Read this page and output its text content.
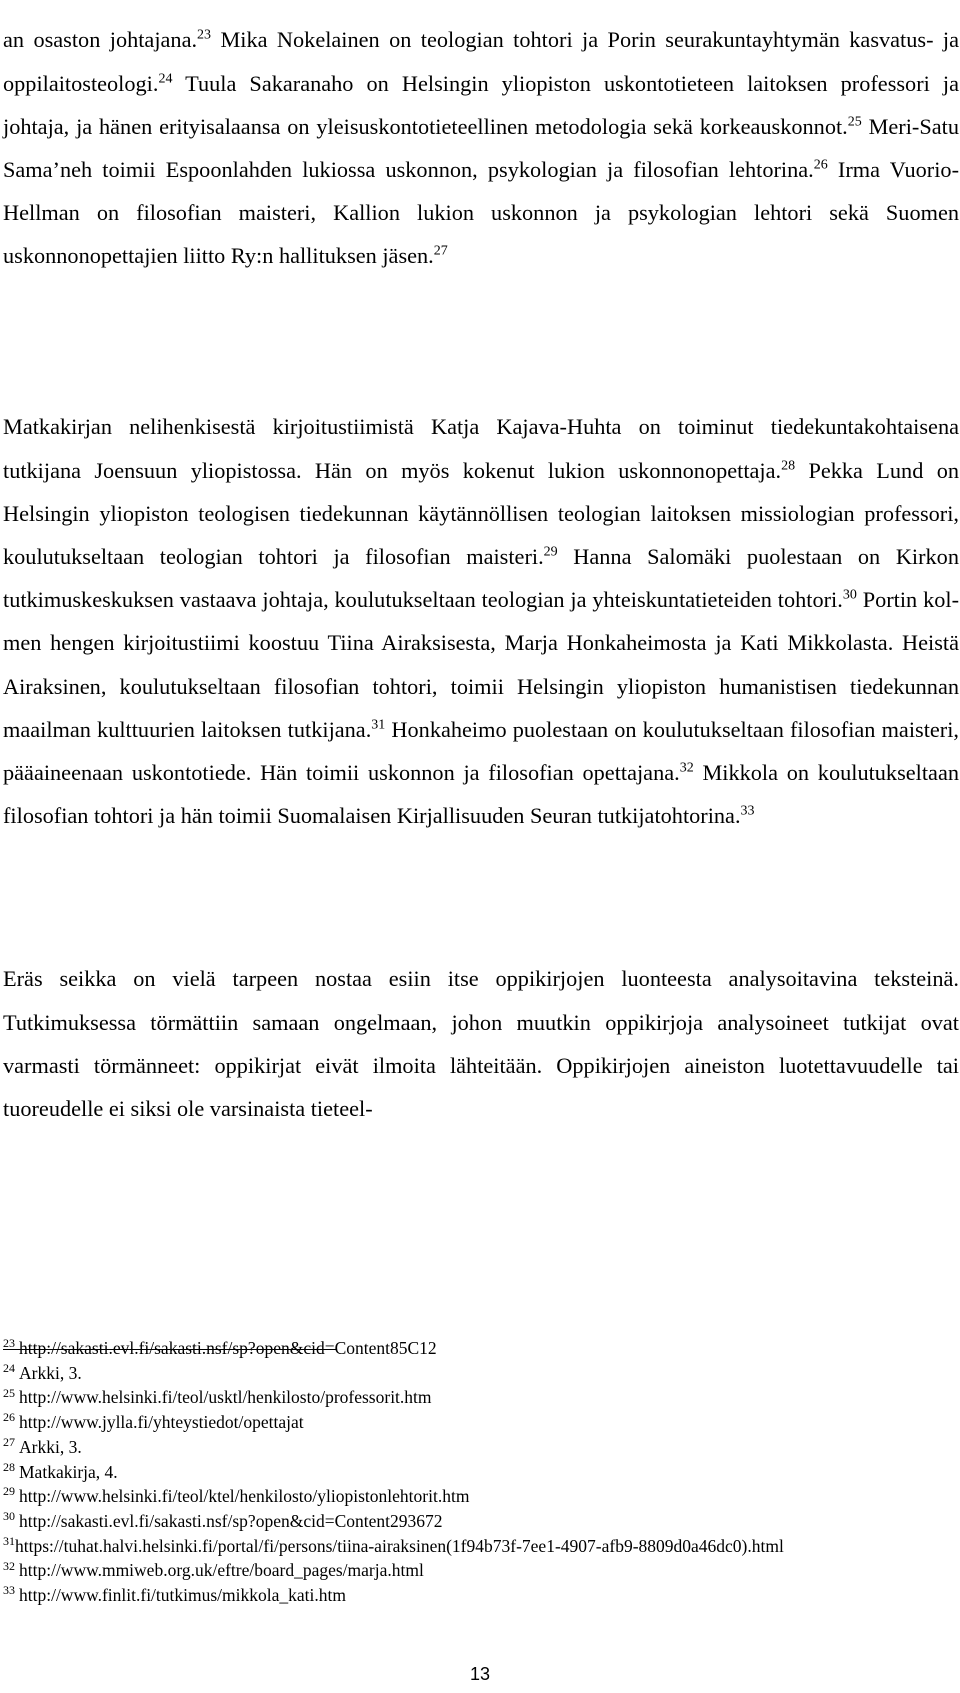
an osaston johtajana.$^{23}$ Mika Nokelainen on teologian tohtori ja Porin seurakuntayhtymän kasvatus- ja oppilaitosteologi.$^{24}$ Tuula Sakaranaho on Helsingin yliopiston uskontotieteen laitoksen professori ja johtaja, ja hänen erityisalaansa on yleisuskontotieteellinen metodologia sekä korkeauskonnot.$^{25}$ Meri-Satu Sama’neh toimii Espoonlahden lukiossa uskonnon, psykologian ja filosofian lehtorina.$^{26}$ Irma Vuorio-Hellman on filosofian maisteri, Kallion lukion uskonnon ja psykologian lehtori sekä Suomen uskonnonopettajien liitto Ry:n hallituksen jäsen.$^{27}$

Matkakirjan nelihenkisestä kirjoitustiimistä Katja Kajava-Huhta on toiminut tiedekuntakohtaisena tutkijana Joensuun yliopistossa. Hän on myös kokenut lukion uskonnonopettaja.$^{28}$ Pekka Lund on Helsingin yliopiston teologisen tiedekunnan käytännöllisen teologian laitoksen missiologian professori, koulutukseltaan teologian tohtori ja filosofian maisteri.$^{29}$ Hanna Salomäki puolestaan on Kirkon tutkimuskeskuksen vastaava johtaja, koulutukseltaan teologian ja yhteiskuntatieteiden tohtori.$^{30}$ Portin kolmen hengen kirjoitustiimi koostuu Tiina Airaksisesta, Marja Honkaheimosta ja Kati Mikkolasta. Heistä Airaksinen, koulutukseltaan filosofian tohtori, toimii Helsingin yliopiston humanistisen tiedekunnan maailman kulttuurien laitoksen tutkijana.$^{31}$ Honkaheimo puolestaan on koulutukseltaan filosofian maisteri, pääaineenaan uskontotiede. Hän toimii uskonnon ja filosofian opettajana.$^{32}$ Mikkola on koulutukseltaan filosofian tohtori ja hän toimii Suomalaisen Kirjallisuuden Seuran tutkijatohtorina.$^{33}$

Eräs seikka on vielä tarpeen nostaa esiin itse oppikirjojen luonteesta analysoitavina teksteinä. Tutkimuksessa törmättiin samaan ongelmaan, johon muutkin oppikirjoja analysoineet tutkijat ovat varmasti törmänneet: oppikirjat eivät ilmoita lähteitään. Oppikirjojen aineiston luotettavuudelle tai tuoreudelle ei siksi ole varsinaista tieteel-

$^{23}$ http://sakasti.evl.fi/sakasti.nsf/sp?open&cid=Content85C12
$^{24}$ Arkki, 3.
$^{25}$ http://www.helsinki.fi/teol/usktl/henkilosto/professorit.htm
$^{26}$ http://www.jylla.fi/yhteystiedot/opettajat
$^{27}$ Arkki, 3.
$^{28}$ Matkakirja, 4.
$^{29}$ http://www.helsinki.fi/teol/ktel/henkilosto/yliopistonlehtorit.htm
$^{30}$ http://sakasti.evl.fi/sakasti.nsf/sp?open&cid=Content293672
$^{31}$https://tuhat.halvi.helsinki.fi/portal/fi/persons/tiina-airaksinen(1f94b73f-7ee1-4907-afb9-8809d0a46dc0).html
$^{32}$ http://www.mmiweb.org.uk/eftre/board_pages/marja.html
$^{33}$ http://www.finlit.fi/tutkimus/mikkola_kati.htm
13
